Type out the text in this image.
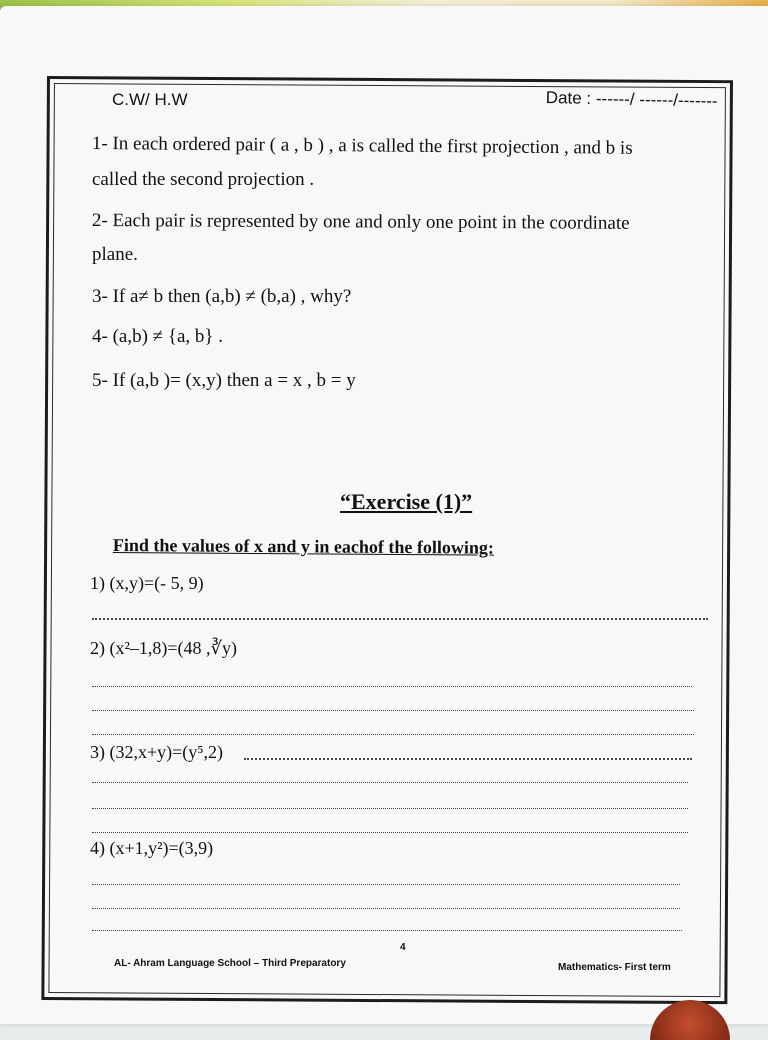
C.W/ H.W	Date : ------/ ------/-------
1- In each ordered pair ( a , b ) , a is called the first projection , and b is
called the second projection .
2- Each pair is represented by one and only one point in the coordinate
plane.
3- If a≠ b then (a,b) ≠ (b,a) , why?
4- (a,b) ≠ {a, b} .
5- If (a,b )= (x,y) then a = x , b = y
“Exercise (1)”
Find the values of x and y in eachof the following:
1) (x,y)=(- 5, 9)
2) (x²–1,8)=(48 ,∛y)
3) (32,x+y)=(y⁵,2)
4) (x+1,y²)=(3,9)
4
AL- Ahram Language School – Third Preparatory	Mathematics- First term
